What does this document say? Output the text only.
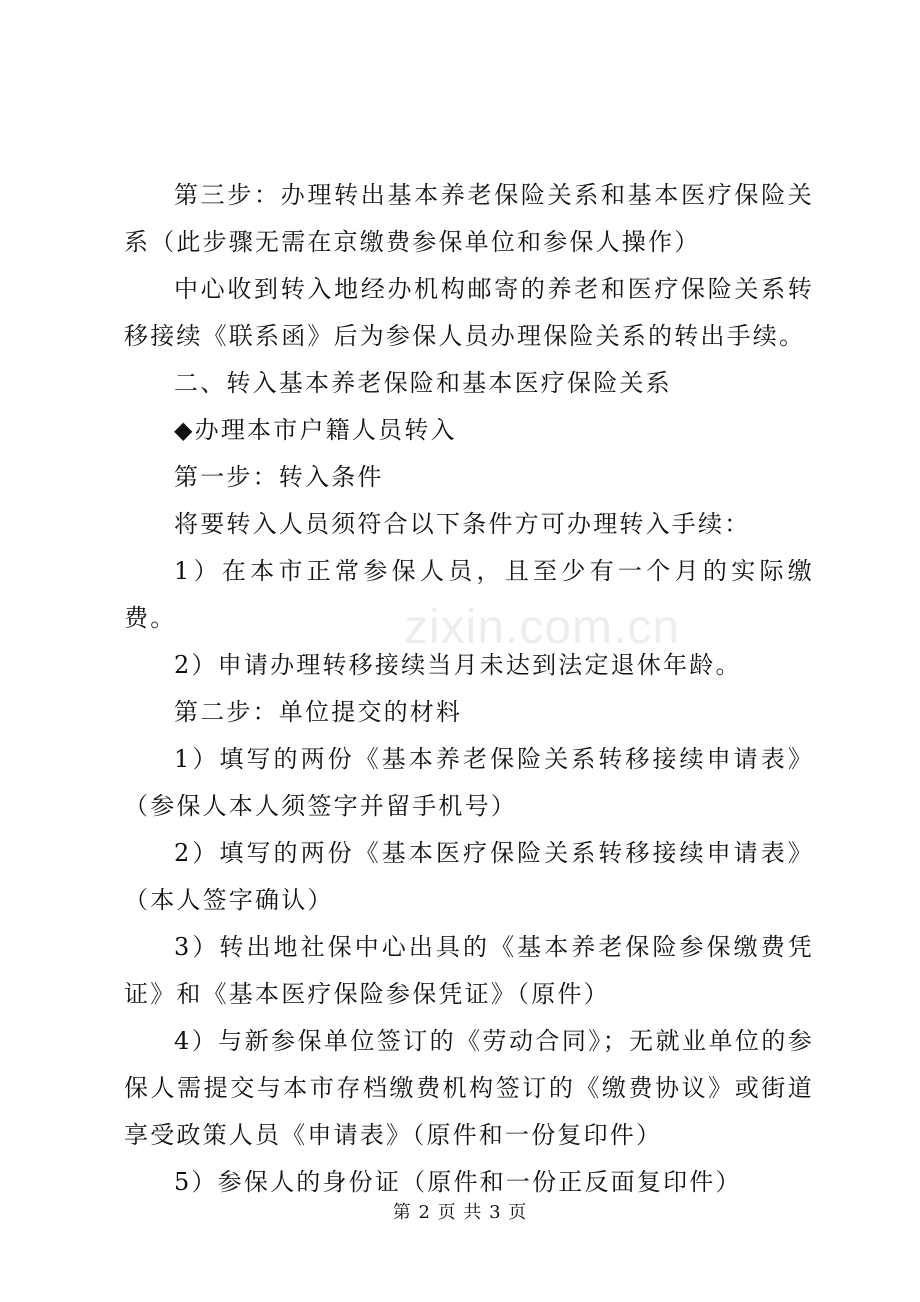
第三步：办理转出基本养老保险关系和基本医疗保险关系（此步骤无需在京缴费参保单位和参保人操作）

中心收到转入地经办机构邮寄的养老和医疗保险关系转移接续《联系函》后为参保人员办理保险关系的转出手续。

二、转入基本养老保险和基本医疗保险关系

◆办理本市户籍人员转入

第一步：转入条件

将要转入人员须符合以下条件方可办理转入手续：

1）在本市正常参保人员，且至少有一个月的实际缴费。

2）申请办理转移接续当月未达到法定退休年龄。

第二步：单位提交的材料

1）填写的两份《基本养老保险关系转移接续申请表》（参保人本人须签字并留手机号）

2）填写的两份《基本医疗保险关系转移接续申请表》（本人签字确认）

3）转出地社保中心出具的《基本养老保险参保缴费凭证》和《基本医疗保险参保凭证》（原件）

4）与新参保单位签订的《劳动合同》；无就业单位的参保人需提交与本市存档缴费机构签订的《缴费协议》或街道享受政策人员《申请表》（原件和一份复印件）

5）参保人的身份证（原件和一份正反面复印件）

zixin.com.cn
第 2 页 共 3 页
